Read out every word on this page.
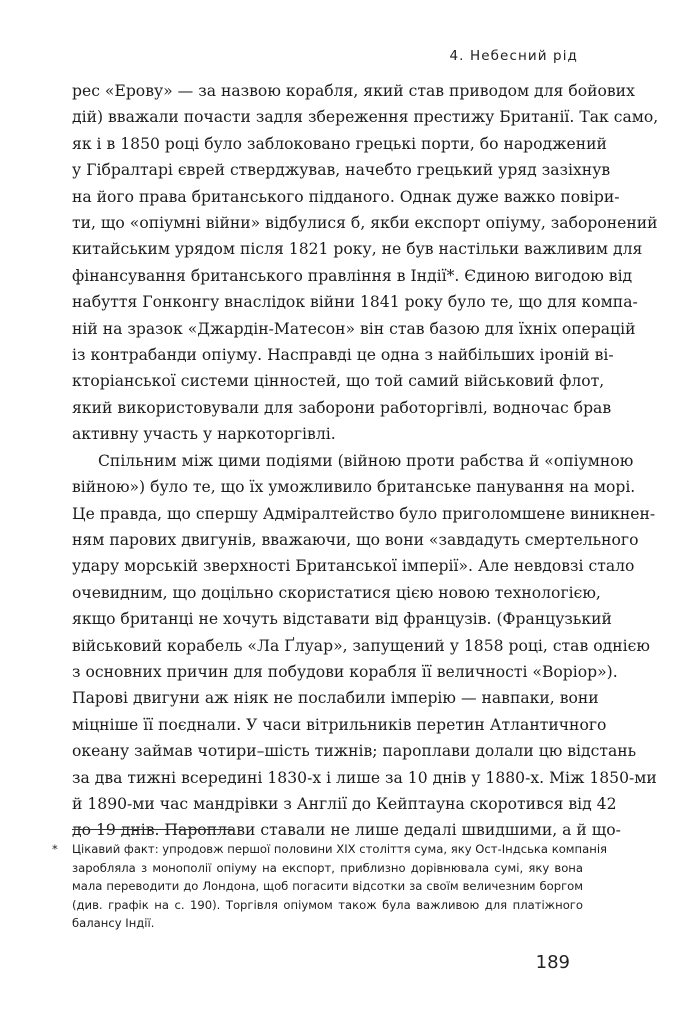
4. Небесний рід
рес «Ерову» — за назвою корабля, який став приводом для бойових
дій) вважали почасти задля збереження престижу Британії. Так само,
як і в 1850 році було заблоковано грецькі порти, бо народжений
у Гібралтарі єврей стверджував, начебто грецький уряд зазіхнув
на його права британського підданого. Однак дуже важко повіри-
ти, що «опіумні війни» відбулися б, якби експорт опіуму, заборонений
китайським урядом після 1821 року, не був настільки важливим для
фінансування британського правління в Індії*. Єдиною вигодою від
набуття Гонконгу внаслідок війни 1841 року було те, що для компа-
ній на зразок «Джардін-Матесон» він став базою для їхніх операцій
із контрабанди опіуму. Насправді це одна з найбільших іроній ві-
кторіанської системи цінностей, що той самий військовий флот,
який використовували для заборони работоргівлі, водночас брав
активну участь у наркоторгівлі.
Спільним між цими подіями (війною проти рабства й «опіумною
війною») було те, що їх уможливило британське панування на морі.
Це правда, що спершу Адміралтейство було приголомшене виникнен-
ням парових двигунів, вважаючи, що вони «завдадуть смертельного
удару морській зверхності Британської імперії». Але невдовзі стало
очевидним, що доцільно скористатися цією новою технологією,
якщо британці не хочуть відставати від французів. (Французький
військовий корабель «Ла Ґлуар», запущений у 1858 році, став однією
з основних причин для побудови корабля її величності «Воріор»).
Парові двигуни аж ніяк не послабили імперію — навпаки, вони
міцніше її поєднали. У часи вітрильників перетин Атлантичного
океану займав чотири–шість тижнів; пароплави долали цю відстань
за два тижні всередині 1830-х і лише за 10 днів у 1880-х. Між 1850-ми
й 1890-ми час мандрівки з Англії до Кейптауна скоротився від 42
до 19 днів. Пароплави ставали не лише дедалі швидшими, а й що-
* Цікавий факт: упродовж першої половини XIX століття сума, яку Ост-Індська компанія
заробляла з монополії опіуму на експорт, приблизно дорівнювала сумі, яку вона
мала переводити до Лондона, щоб погасити відсотки за своїм величезним боргом
(див. графік на с. 190). Торгівля опіумом також була важливою для платіжного
балансу Індії.
189
